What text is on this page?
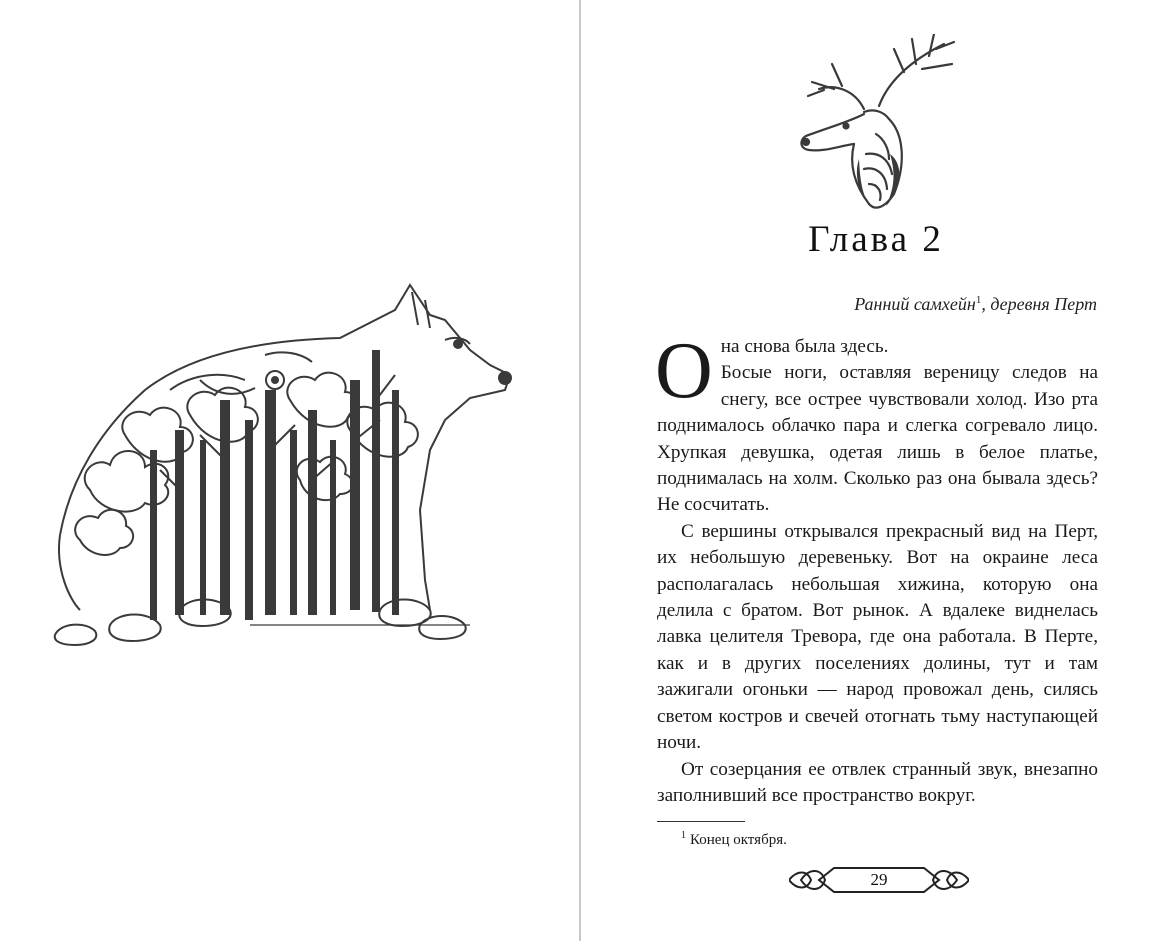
Глава 2
Ранний самхейн$^1$, деревня Перт
О на снова была здесь.

Босые ноги, оставляя вереницу следов на снегу, все острее чувствовали холод. Изо рта поднималось облачко пара и слегка согревало лицо. Хрупкая девушка, одетая лишь в белое платье, поднималась на холм. Сколько раз она бывала здесь? Не сосчитать.

С вершины открывался прекрасный вид на Перт, их небольшую деревеньку. Вот на окраине леса располагалась небольшая хижина, которую она делила с братом. Вот рынок. А вдалеке виднелась лавка целителя Тревора, где она работала. В Перте, как и в других поселениях долины, тут и там зажигали огоньки — народ провожал день, силясь светом костров и свечей отогнать тьму наступающей ночи.

От созерцания ее отвлек странный звук, внезапно заполнивший все пространство вокруг.

$^1$ Конец октября.
29
